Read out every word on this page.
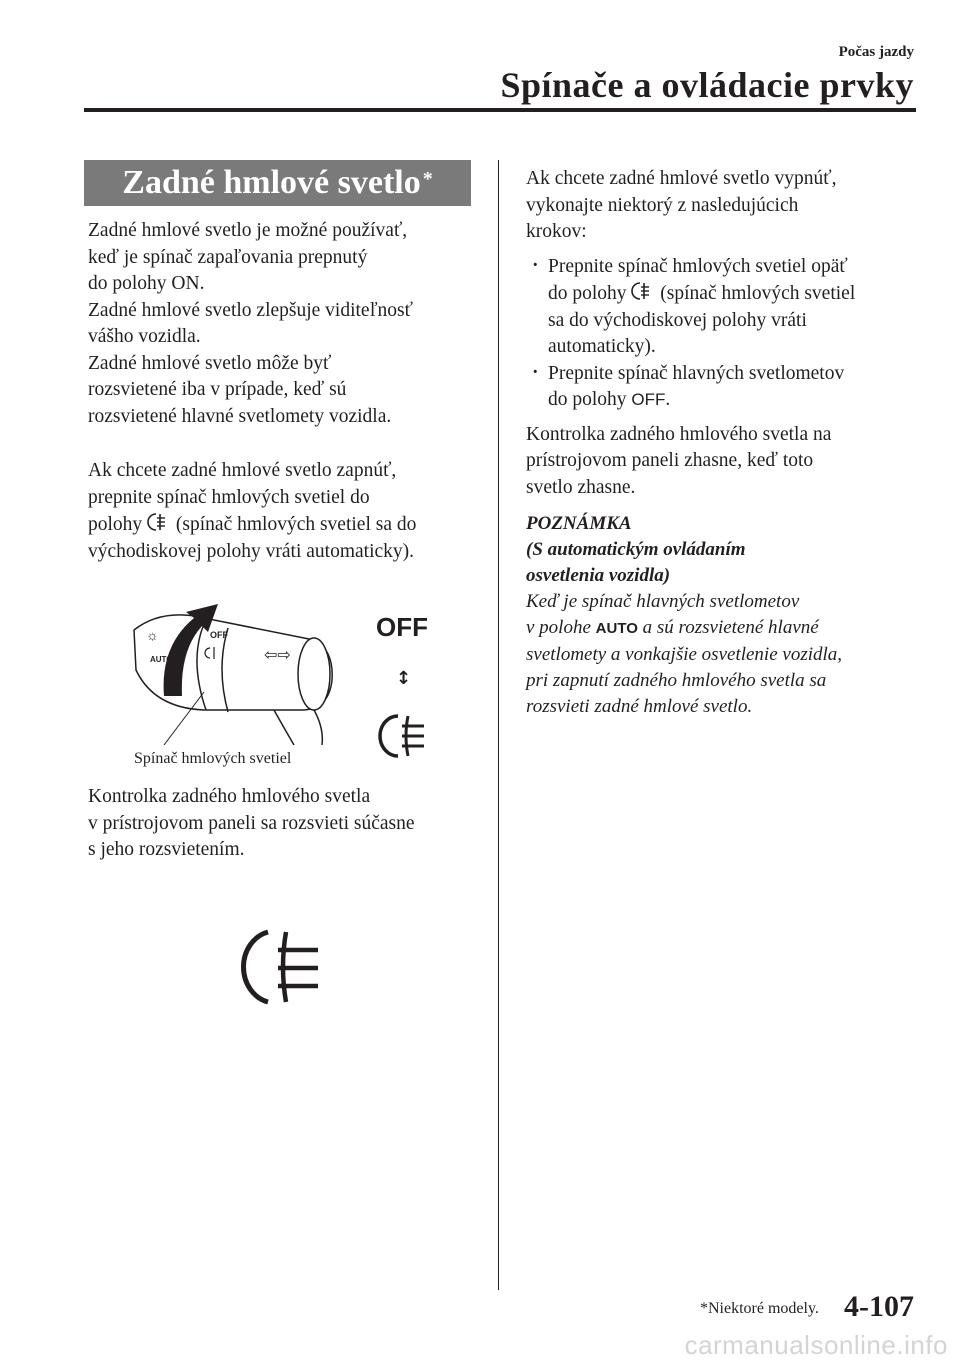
Počas jazdy
Spínače a ovládacie prvky
Zadné hmlové svetlo*

Zadné hmlové svetlo je možné používať,

keď je spínač zapaľovania prepnutý

do polohy ON.

Zadné hmlové svetlo zlepšuje viditeľnosť

vášho vozidla.

Zadné hmlové svetlo môže byť

rozsvietené iba v prípade, keď sú

rozsvietené hlavné svetlomety vozidla.

Ak chcete zadné hmlové svetlo zapnúť,

prepnite spínač hmlových svetiel do

polohy (spínač hmlových svetiel sa do

východiskovej polohy vráti automaticky).

☼
AUTO
OFF
⇦⇨
Spínač hmlových svetiel
OFF
↕

Kontrolka zadného hmlového svetla

v prístrojovom paneli sa rozsvieti súčasne

s jeho rozsvietením.

Ak chcete zadné hmlové svetlo vypnúť,

vykonajte niektorý z nasledujúcich

krokov:

· Prepnite spínač hmlových svetiel opäť
do polohy (spínač hmlových svetiel
sa do východiskovej polohy vráti
automaticky).
· Prepnite spínač hlavných svetlometov
do polohy OFF.

Kontrolka zadného hmlového svetla na

prístrojovom paneli zhasne, keď toto

svetlo zhasne.

POZNÁMKA

(S automatickým ovládaním

osvetlenia vozidla)

Keď je spínač hlavných svetlometov

v polohe AUTO a sú rozsvietené hlavné

svetlomety a vonkajšie osvetlenie vozidla,

pri zapnutí zadného hmlového svetla sa

rozsvieti zadné hmlové svetlo.

*Niektoré modely. 4-107
carmanualsonline.info
